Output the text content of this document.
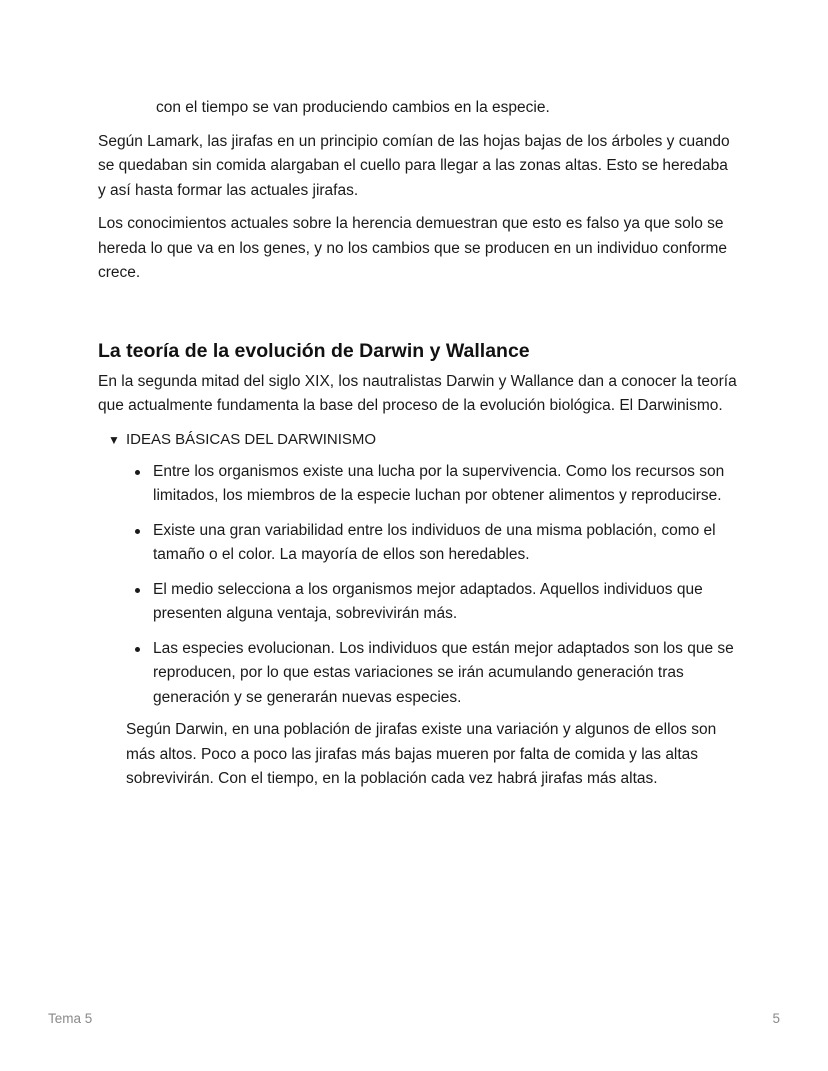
con el tiempo se van produciendo cambios en la especie.

Según Lamark, las jirafas en un principio comían de las hojas bajas de los árboles y cuando se quedaban sin comida alargaban el cuello para llegar a las zonas altas. Esto se heredaba y así hasta formar las actuales jirafas.

Los conocimientos actuales sobre la herencia demuestran que esto es falso ya que solo se hereda lo que va en los genes, y no los cambios que se producen en un individuo conforme crece.

La teoría de la evolución de Darwin y Wallance

En la segunda mitad del siglo XIX, los nautralistas Darwin y Wallance dan a conocer la teoría que actualmente fundamenta la base del proceso de la evolución biológica. El Darwinismo.

▼ IDEAS BÁSICAS DEL DARWINISMO
Entre los organismos existe una lucha por la supervivencia. Como los recursos son limitados, los miembros de la especie luchan por obtener alimentos y reproducirse.
Existe una gran variabilidad entre los individuos de una misma población, como el tamaño o el color. La mayoría de ellos son heredables.
El medio selecciona a los organismos mejor adaptados. Aquellos individuos que presenten alguna ventaja, sobrevivirán más.
Las especies evolucionan. Los individuos que están mejor adaptados son los que se reproducen, por lo que estas variaciones se irán acumulando generación tras generación y se generarán nuevas especies.

Según Darwin, en una población de jirafas existe una variación y algunos de ellos son más altos. Poco a poco las jirafas más bajas mueren por falta de comida y las altas sobrevivirán. Con el tiempo, en la población cada vez habrá jirafas más altas.

Tema 5	5
